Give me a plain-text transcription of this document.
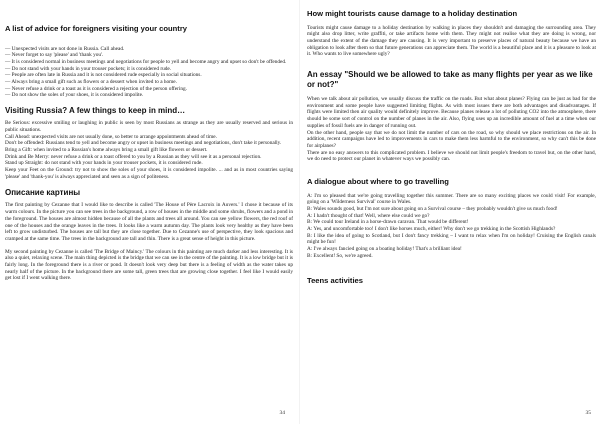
A list of advice for foreigners visiting your country

— Unexpected visits are not done in Russia. Call ahead.

— Never forget to say 'please' and 'thank you'.

— It is considered normal in business meetings and negotiations for people to yell and become angry and upset so don't be offended.

— Do not stand with your hands in your trouser pockets; it is considered rude.

— People are often late in Russia and it is not considered rude especially in social situations.

— Always bring a small gift such as flowers or a dessert when invited to a home.

— Never refuse a drink or a toast as it is considered a rejection of the person offering.

— Do not show the soles of your shoes, it is considered impolite.

Visiting Russia? A few things to keep in mind…

Be Serious: excessive smiling or laughing in public is seen by most Russians as strange as they are usually reserved and serious in public situations.

Call Ahead: unexpected visits are not usually done, so better to arrange appointments ahead of time.

Don't be offended: Russians tend to yell and become angry or upset in business meetings and negotiations, don't take it personally.

Bring a Gift: when invited to a Russian's home always bring a small gift like flowers or dessert.

Drink and Be Merry: never refuse a drink or a toast offered to you by a Russian as they will see it as a personal rejection.

Stand up Straight: do not stand with your hands in your trouser pockets, it is considered rude.

Keep your Feet on the Ground: try not to show the soles of your shoes, it is considered impolite. ... and as in most countries saying 'please' and 'thank-you' is always appreciated and seen as a sign of politeness.

Описание картины

The first painting by Cezanne that I would like to describe is called 'The House of Père Lacroix in Auvers.' I chose it because of its warm colours. In the picture you can see trees in the background, a row of houses in the middle and some shrubs, flowers and a pond in the foreground. The houses are almost hidden because of all the plants and trees all around. You can see yellow flowers, the red roof of one of the houses and the orange leaves in the trees. It looks like a warm autumn day. The plants look very healthy as they have been left to grow undisturbed. The houses are tall but they are close together. Due to Cezanne's use of perspective, they look spacious and cramped at the same time. The trees in the background are tall and thin. There is a great sense of height in this picture.

My second painting by Cezanne is called 'The Bridge of Maincy.' The colours in this painting are much darker and less interesting. It is also a quiet, relaxing scene. The main thing depicted is the bridge that we can see in the centre of the painting. It is a low bridge but it is fairly long. In the foreground there is a river or pond. It doesn't look very deep but there is a feeling of width as the water takes up nearly half of the picture. In the background there are some tall, green trees that are growing close together. I feel like I would easily get lost if I went walking there.

34
How might tourists cause damage to a holiday destination

Tourists might cause damage to a holiday destination by walking in places they shouldn't and damaging the surrounding area. They might also drop litter, write graffiti, or take artifacts home with them. They might not realise what they are doing is wrong, nor understand the extent of the damage they are causing. It is very important to preserve places of natural beauty because we have an obligation to look after them so that future generations can appreciate them. The world is a beautiful place and it is a pleasure to look at it. Who wants to live somewhere ugly?

An essay "Should we be allowed to take as many flights per year as we like or not?"

When we talk about air pollution, we usually discuss the traffic on the roads. But what about planes? Flying can be just as bad for the environment and some people have suggested limiting flights. As with most issues there are both advantages and disadvantages. If flights were limited then air quality would definitely improve. Because planes release a lot of polluting CO2 into the atmosphere, there should be some sort of control on the number of planes in the air. Also, flying uses up an incredible amount of fuel at a time when our supplies of fossil fuels are in danger of running out.

On the other hand, people say that we do not limit the number of cars on the road, so why should we place restrictions on the air. In addition, recent campaigns have led to improvements in cars to make them less harmful to the environment, so why can't this be done for airplanes?

There are no easy answers to this complicated problem. I believe we should not limit people's freedom to travel but, on the other hand, we do need to protect our planet in whatever ways we possibly can.

A dialogue about where to go travelling

A: I'm so pleased that we're going travelling together this summer. There are so many exciting places we could visit! For example, going on a 'Wilderness Survival' course in Wales.

B: Wales sounds good, but I'm not sure about going on a Survival course – they probably wouldn't give us much food!

A: I hadn't thought of that! Well, where else could we go?

B: We could tour Ireland in a horse-drawn caravan. That would be different!

A: Yes, and uncomfortable too! I don't like horses much, either! Why don't we go trekking in the Scottish Highlands?

B: I like the idea of going to Scotland, but I don't fancy trekking – I want to relax when I'm on holiday! Cruising the English canals might be fun!

A: I've always fancied going on a boating holiday! That's a brilliant idea!

B: Excellent! So, we're agreed.

Teens activities
35
